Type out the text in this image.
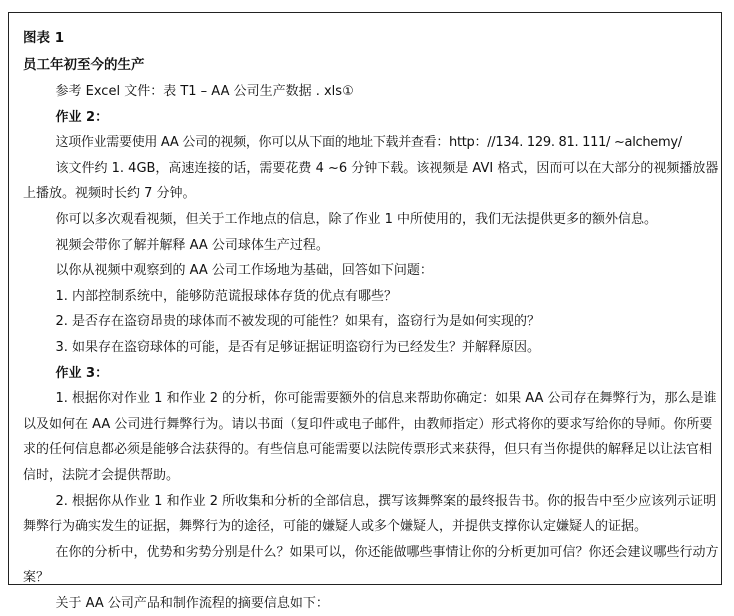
图表 1

员工年初至今的生产

参考 Excel 文件：表 T1 – AA 公司生产数据 . xls①

作业 2：

这项作业需要使用 AA 公司的视频，你可以从下面的地址下载并查看：http：//134. 129. 81. 111/ ~alchemy/

该文件约 1. 4GB，高速连接的话，需要花费 4 ~6 分钟下载。该视频是 AVI 格式，因而可以在大部分的视频播放器上播放。视频时长约 7 分钟。

你可以多次观看视频，但关于工作地点的信息，除了作业 1 中所使用的，我们无法提供更多的额外信息。

视频会带你了解并解释 AA 公司球体生产过程。

以你从视频中观察到的 AA 公司工作场地为基础，回答如下问题：

1. 内部控制系统中，能够防范谎报球体存货的优点有哪些？

2. 是否存在盗窃昂贵的球体而不被发现的可能性？如果有，盗窃行为是如何实现的？

3. 如果存在盗窃球体的可能，是否有足够证据证明盗窃行为已经发生？并解释原因。

作业 3：

1. 根据你对作业 1 和作业 2 的分析，你可能需要额外的信息来帮助你确定：如果 AA 公司存在舞弊行为，那么是谁以及如何在 AA 公司进行舞弊行为。请以书面（复印件或电子邮件，由教师指定）形式将你的要求写给你的导师。你所要求的任何信息都必须是能够合法获得的。有些信息可能需要以法院传票形式来获得，但只有当你提供的解释足以让法官相信时，法院才会提供帮助。

2. 根据你从作业 1 和作业 2 所收集和分析的全部信息，撰写该舞弊案的最终报告书。你的报告中至少应该列示证明舞弊行为确实发生的证据，舞弊行为的途径，可能的嫌疑人或多个嫌疑人，并提供支撑你认定嫌疑人的证据。

在你的分析中，优势和劣势分别是什么？如果可以，你还能做哪些事情让你的分析更加可信？你还会建议哪些行动方案？

关于 AA 公司产品和制作流程的摘要信息如下：
